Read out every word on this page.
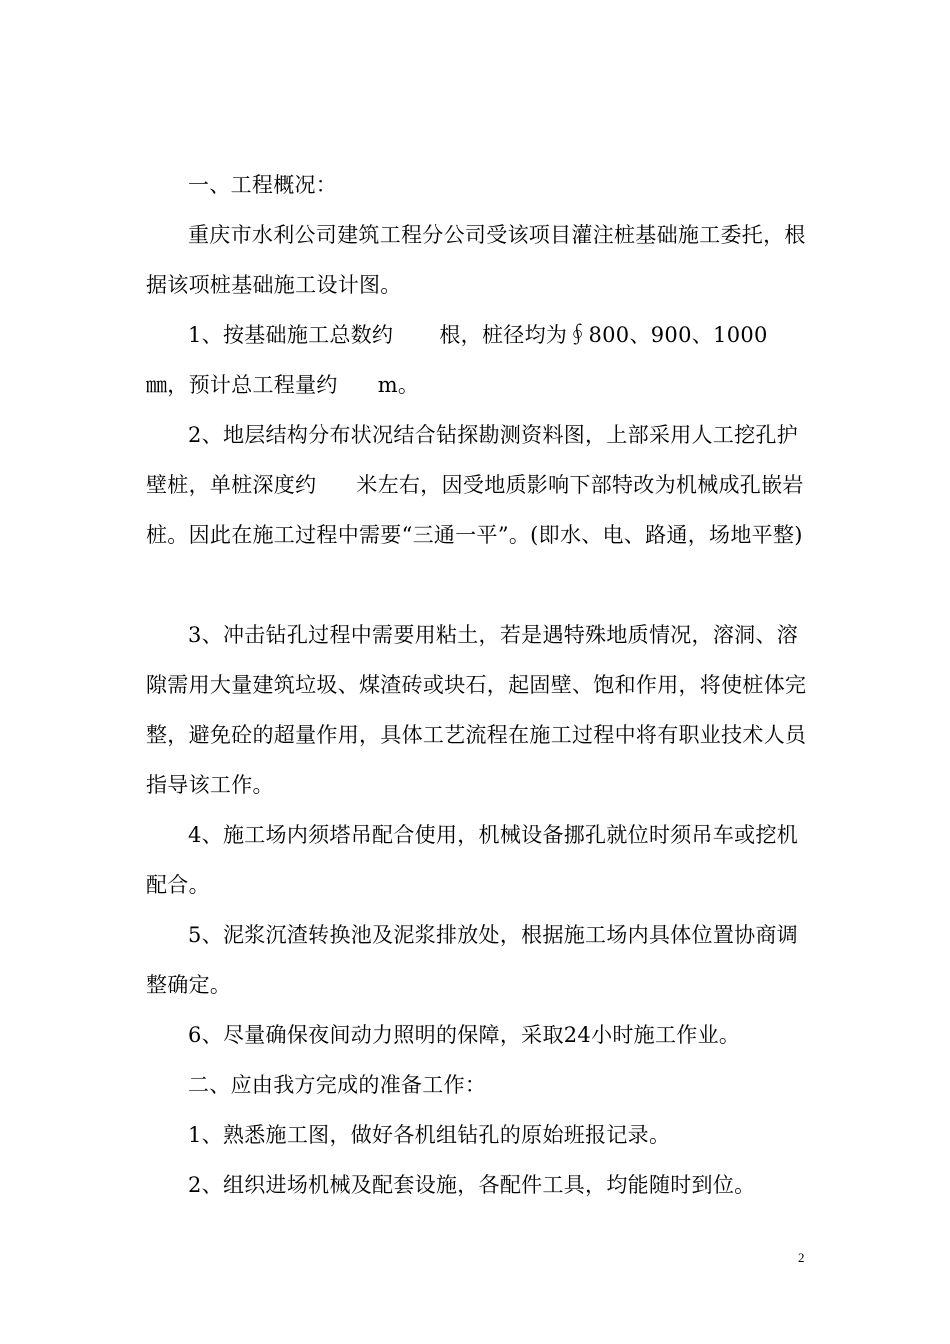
一、工程概况：

重庆市水利公司建筑工程分公司受该项目灌注桩基础施工委托，根据该项桩基础施工设计图。

1、按基础施工总数约 根，桩径均为∮800、900、1000㎜，预计总工程量约 m。

2、地层结构分布状况结合钻探勘测资料图，上部采用人工挖孔护壁桩，单桩深度约 米左右，因受地质影响下部特改为机械成孔嵌岩桩。因此在施工过程中需要“三通一平”。(即水、电、路通，场地平整)

3、冲击钻孔过程中需要用粘土，若是遇特殊地质情况，溶洞、溶隙需用大量建筑垃圾、煤渣砖或块石，起固壁、饱和作用，将使桩体完整，避免砼的超量作用，具体工艺流程在施工过程中将有职业技术人员指导该工作。

4、施工场内须塔吊配合使用，机械设备挪孔就位时须吊车或挖机配合。

5、泥浆沉渣转换池及泥浆排放处，根据施工场内具体位置协商调整确定。

6、尽量确保夜间动力照明的保障，采取24小时施工作业。

二、应由我方完成的准备工作：

1、熟悉施工图，做好各机组钻孔的原始班报记录。

2、组织进场机械及配套设施，各配件工具，均能随时到位。

2
